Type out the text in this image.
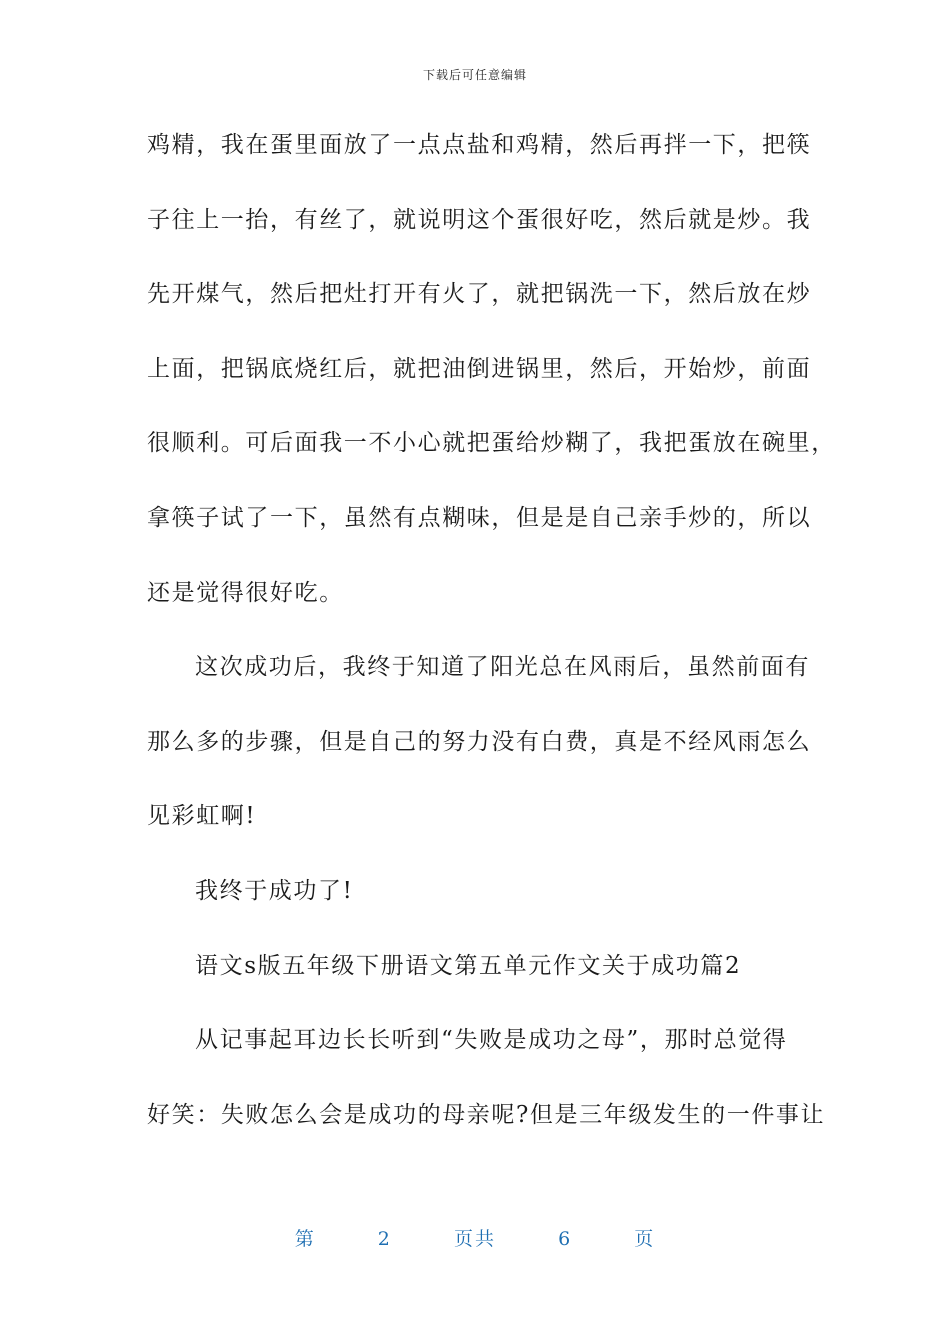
下载后可任意编辑
鸡精，我在蛋里面放了一点点盐和鸡精，然后再拌一下，把筷
子往上一抬，有丝了，就说明这个蛋很好吃，然后就是炒。我
先开煤气，然后把灶打开有火了，就把锅洗一下，然后放在炒
上面，把锅底烧红后，就把油倒进锅里，然后，开始炒，前面
很顺利。可后面我一不小心就把蛋给炒糊了，我把蛋放在碗里，
拿筷子试了一下，虽然有点糊味，但是是自己亲手炒的，所以
还是觉得很好吃。
这次成功后，我终于知道了阳光总在风雨后，虽然前面有
那么多的步骤，但是自己的努力没有白费，真是不经风雨怎么
见彩虹啊!
我终于成功了!
语文s版五年级下册语文第五单元作文关于成功篇2
从记事起耳边长长听到“失败是成功之母”，那时总觉得
好笑：失败怎么会是成功的母亲呢?但是三年级发生的一件事让
第	2	页共	6	页
